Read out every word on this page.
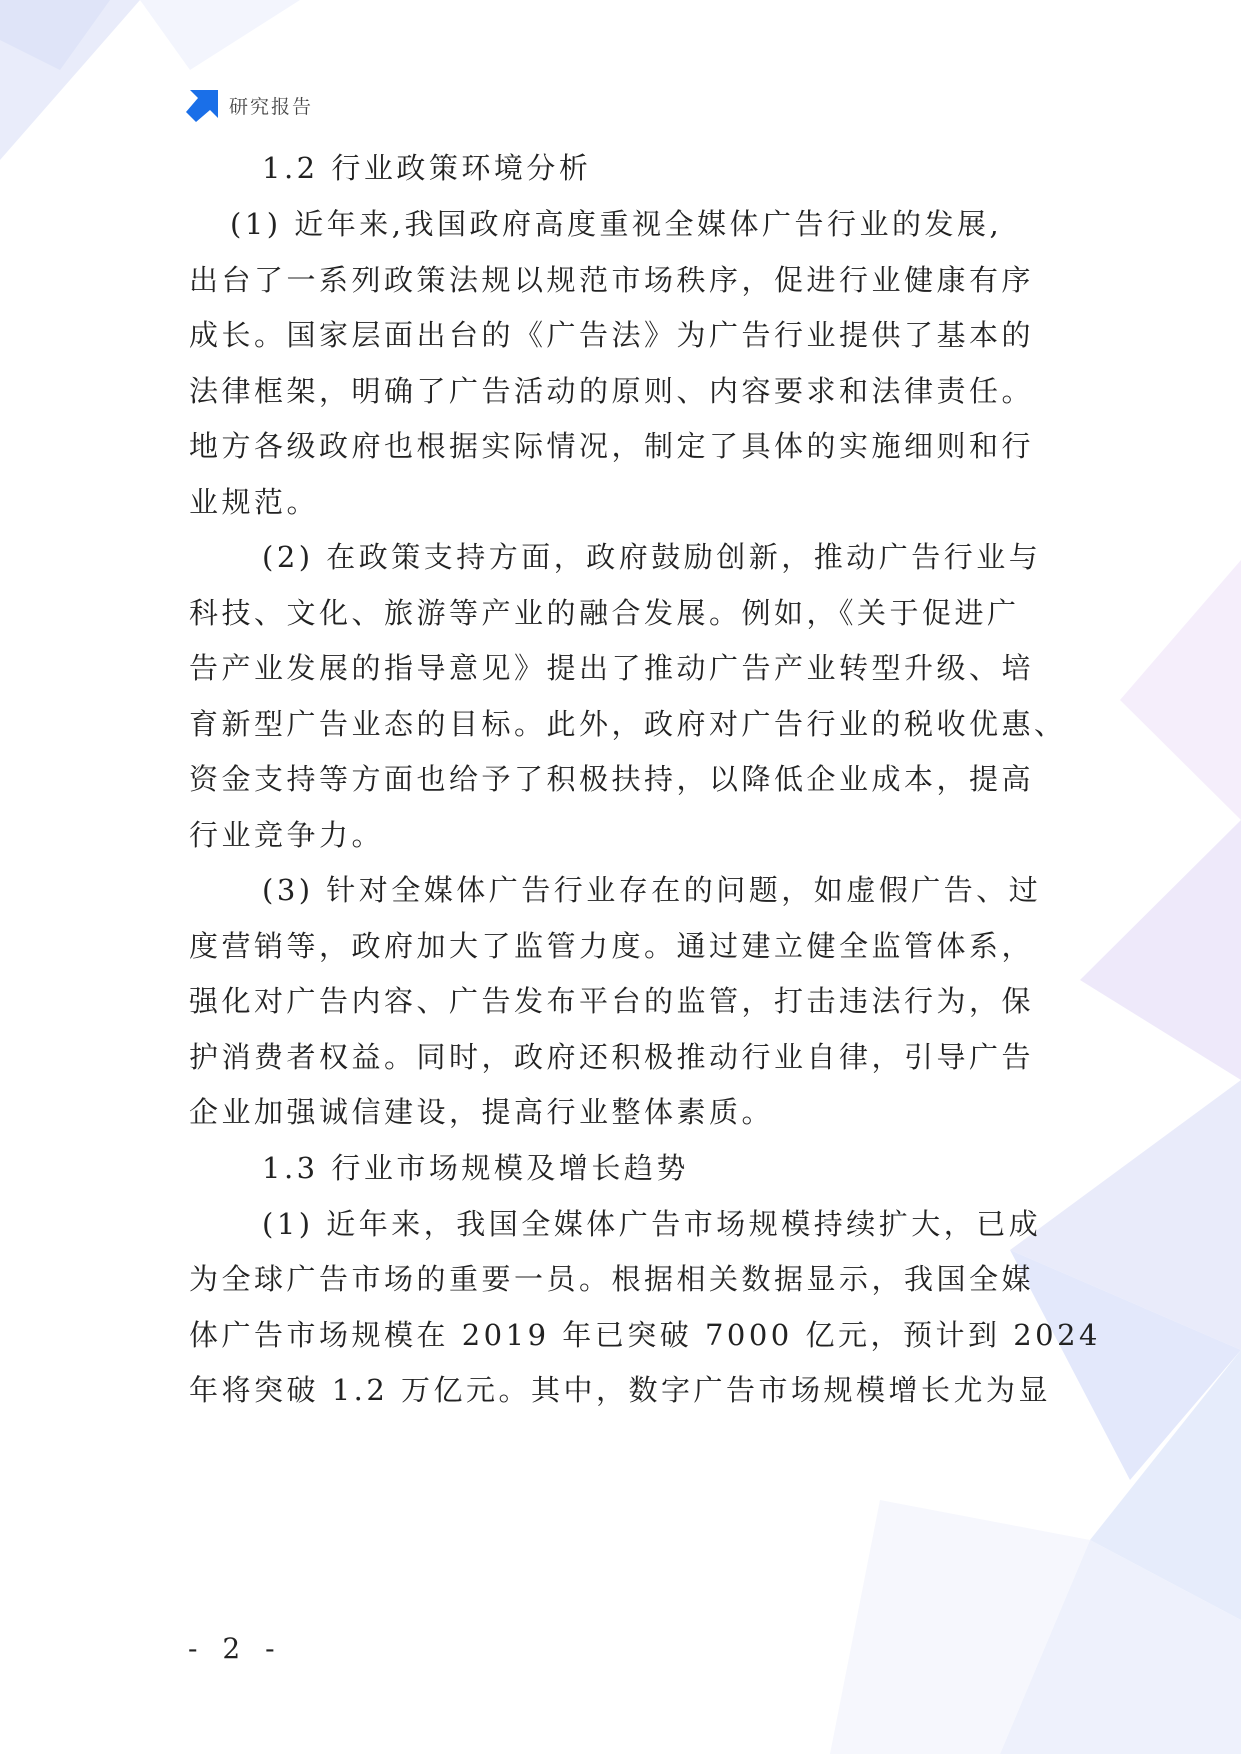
研究报告
1.2 行业政策环境分析
(1) 近年来,我国政府高度重视全媒体广告行业的发展,
出台了一系列政策法规以规范市场秩序，促进行业健康有序
成长。国家层面出台的《广告法》为广告行业提供了基本的
法律框架，明确了广告活动的原则、内容要求和法律责任。
地方各级政府也根据实际情况，制定了具体的实施细则和行
业规范。
(2) 在政策支持方面，政府鼓励创新，推动广告行业与
科技、文化、旅游等产业的融合发展。例如，《关于促进广
告产业发展的指导意见》提出了推动广告产业转型升级、培
育新型广告业态的目标。此外，政府对广告行业的税收优惠、
资金支持等方面也给予了积极扶持，以降低企业成本，提高
行业竞争力。
(3) 针对全媒体广告行业存在的问题，如虚假广告、过
度营销等，政府加大了监管力度。通过建立健全监管体系，
强化对广告内容、广告发布平台的监管，打击违法行为，保
护消费者权益。同时，政府还积极推动行业自律，引导广告
企业加强诚信建设，提高行业整体素质。
1.3 行业市场规模及增长趋势
(1) 近年来，我国全媒体广告市场规模持续扩大，已成
为全球广告市场的重要一员。根据相关数据显示，我国全媒
体广告市场规模在 2019 年已突破 7000 亿元，预计到 2024
年将突破 1.2 万亿元。其中，数字广告市场规模增长尤为显
- 2 -
